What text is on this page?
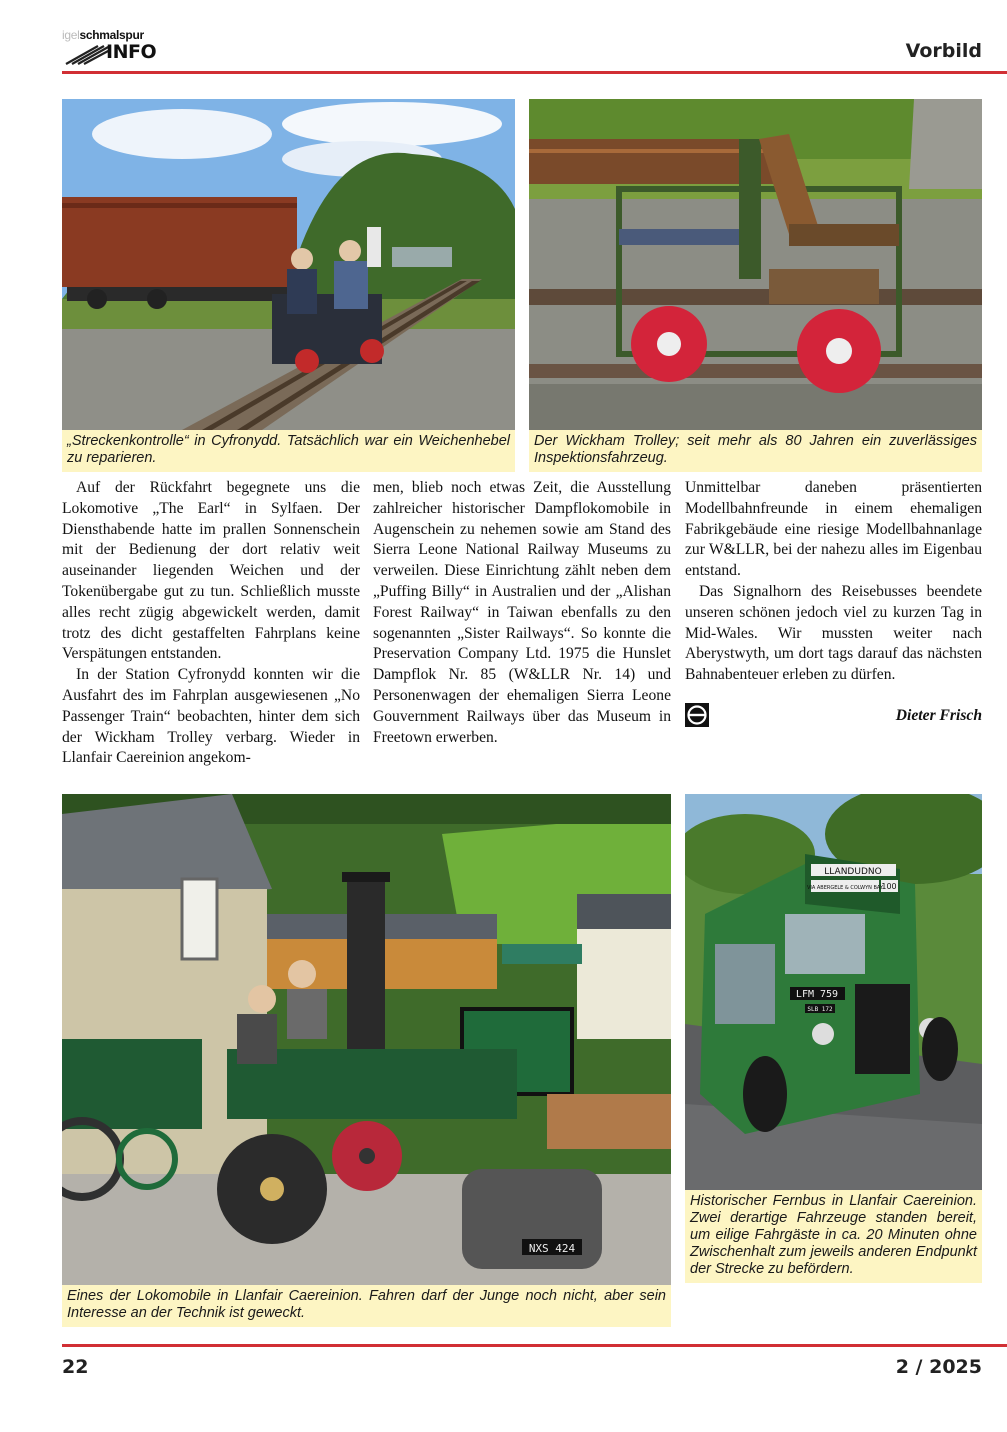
igelschmalspur
INFO	Vorbild
„Streckenkontrolle“ in Cyfronydd. Tatsächlich war ein Weichenhebel zu reparieren.
Der Wickham Trolley; seit mehr als 80 Jahren ein zuverlässiges Inspektionsfahrzeug.

Auf der Rückfahrt begegnete uns die Lokomotive „The Earl“ in Sylfaen. Der Diensthabende hatte im prallen Sonnenschein mit der Bedienung der dort relativ weit auseinander liegenden Weichen und der Tokenübergabe gut zu tun. Schließlich musste alles recht zügig abgewickelt werden, damit trotz des dicht gestaffelten Fahrplans keine Verspätungen entstanden.

In der Station Cyfronydd konnten wir die Ausfahrt des im Fahrplan ausgewiesenen „No Passenger Train“ beobachten, hinter dem sich der Wickham Trolley verbarg. Wieder in Llanfair Caereinion angekom-

men, blieb noch etwas Zeit, die Ausstellung zahlreicher historischer Dampflokomobile in Augenschein zu nehemen sowie am Stand des Sierra Leone National Railway Museums zu verweilen. Diese Einrichtung zählt neben dem „Puffing Billy“ in Australien und der „Alishan Forest Railway“ in Taiwan ebenfalls zu den sogenannten „Sister Railways“. So konnte die Preservation Company Ltd. 1975 die Hunslet Dampflok Nr. 85 (W&LLR Nr. 14) und Personenwagen der ehemaligen Sierra Leone Gouvernment Railways über das Museum in Freetown erwerben.

Unmittelbar daneben präsentierten Modellbahnfreunde in einem ehemaligen Fabrikgebäude eine riesige Modellbahnanlage zur W&LLR, bei der nahezu alles im Eigenbau entstand.

Das Signalhorn des Reisebusses beendete unseren schönen jedoch viel zu kurzen Tag in Mid-Wales. Wir mussten weiter nach Aberystwyth, um dort tags darauf das nächsten Bahnabenteuer erleben zu dürfen.

Dieter Frisch
NXS 424
Eines der Lokomobile in Llanfair Caereinion. Fahren darf der Junge noch nicht, aber sein Interesse an der Technik ist geweckt.
LLANDUDNO
VIA ABERGELE & COLWYN BAY
100
LFM 759
SLB 172
Historischer Fernbus in Llanfair Caereinion. Zwei derartige Fahrzeuge standen bereit, um eilige Fahrgäste in ca. 20 Minuten ohne Zwischenhalt zum jeweils anderen Endpunkt der Strecke zu befördern.
22	2 / 2025
